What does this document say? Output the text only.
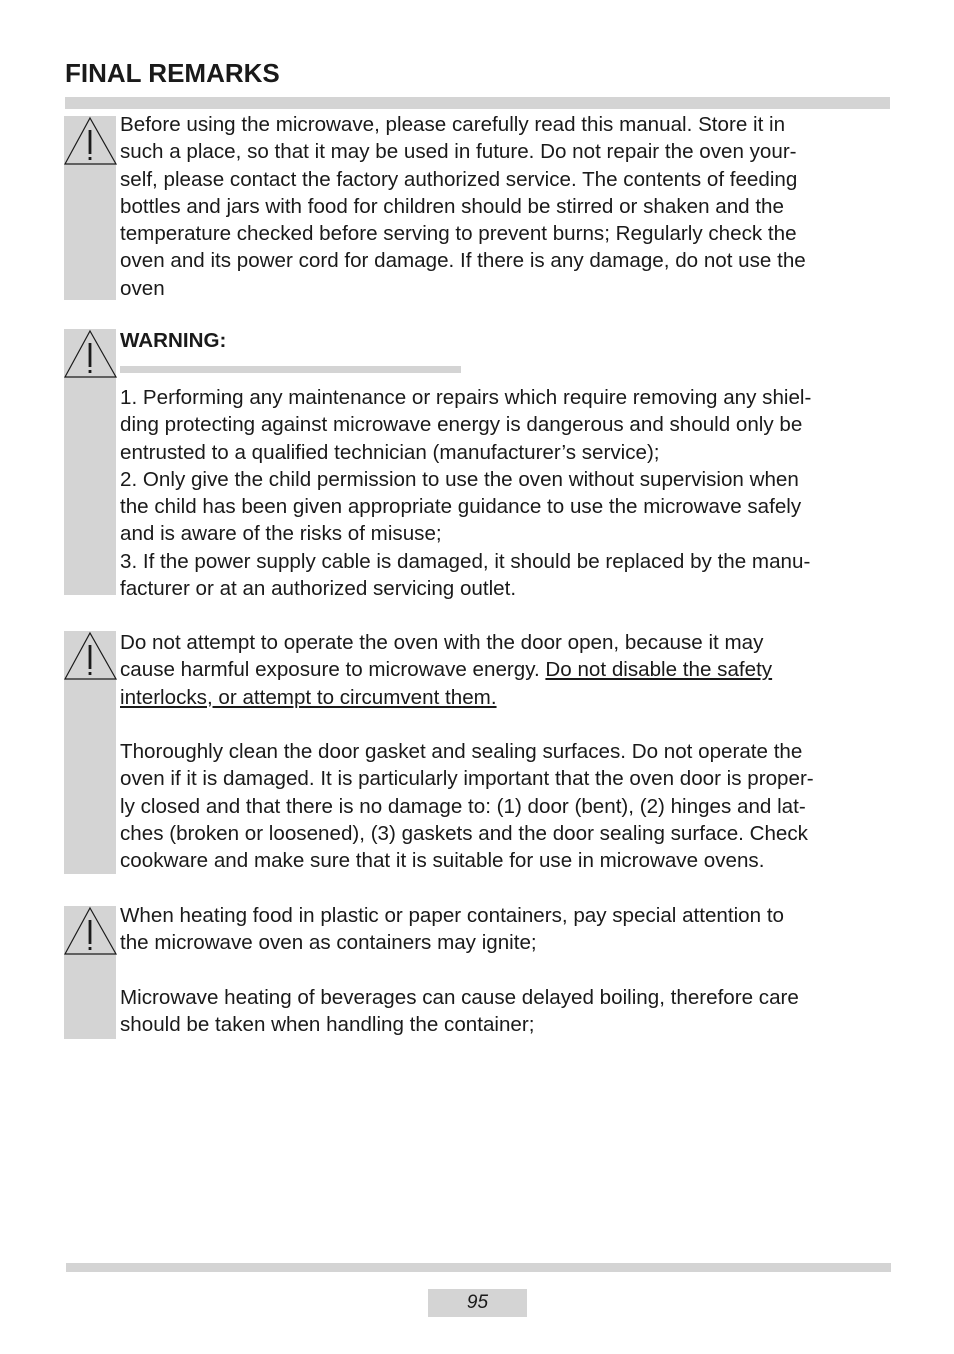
FINAL REMARKS
Before using the microwave, please carefully read this manual. Store it in
such a place, so that it may be used in future. Do not repair the oven your-
self, please contact the factory authorized service. The contents of feeding
bottles and jars with food for children should be stirred or shaken and the
temperature checked before serving to prevent burns; Regularly check the
oven and its power cord for damage. If there is any damage, do not use the
oven
WARNING:
1. Performing any maintenance or repairs which require removing any shiel-
ding protecting against microwave energy is dangerous and should only be
entrusted to a qualified technician (manufacturer’s service);
2. Only give the child permission to use the oven without supervision when
the child has been given appropriate guidance to use the microwave safely
and is aware of the risks of misuse;
3. If the power supply cable is damaged, it should be replaced by the manu-
facturer or at an authorized servicing outlet.
Do not attempt to operate the oven with the door open, because it may
cause harmful exposure to microwave energy. Do not disable the safety
interlocks, or attempt to circumvent them.
Thoroughly clean the door gasket and sealing surfaces. Do not operate the
oven if it is damaged. It is particularly important that the oven door is proper-
ly closed and that there is no damage to: (1) door (bent), (2) hinges and lat-
ches (broken or loosened), (3) gaskets and the door sealing surface. Check
cookware and make sure that it is suitable for use in microwave ovens.
When heating food in plastic or paper containers, pay special attention to
the microwave oven as containers may ignite;
Microwave heating of beverages can cause delayed boiling, therefore care
should be taken when handling the container;
95
